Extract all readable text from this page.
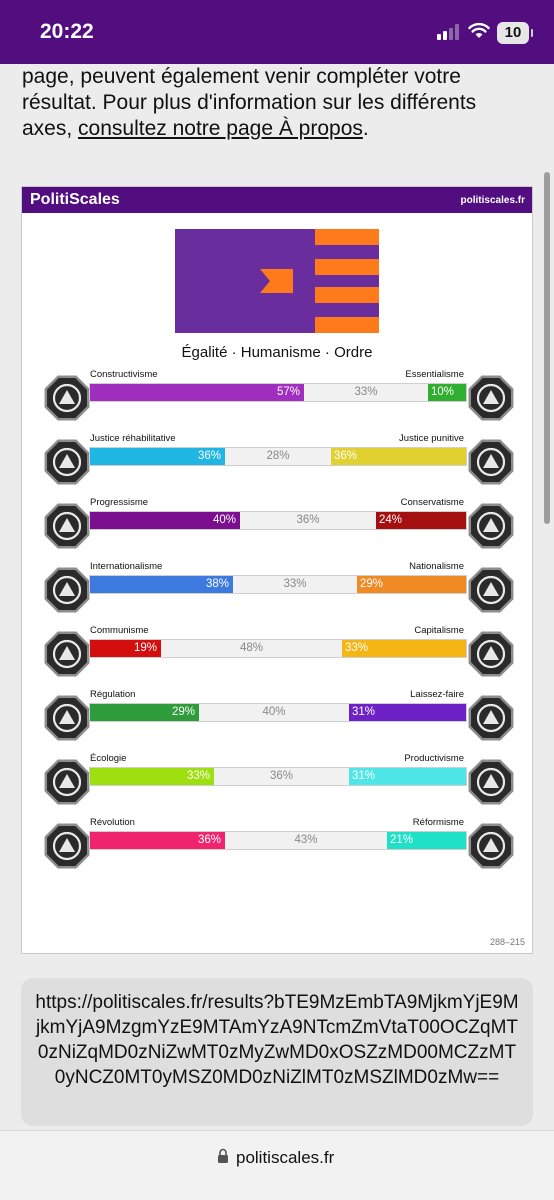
20:22	10
page, peuvent également venir compléter votre résultat. Pour plus d'information sur les différents axes, consultez notre page À propos.
PolitiScales	politiscales.fr
Égalité · Humanisme · Ordre
Constructivisme	Essentialisme
57%	33%	10%
Justice réhabilitative	Justice punitive
36%	28%	36%
Progressisme	Conservatisme
40%	36%	24%
Internationalisme	Nationalisme
38%	33%	29%
Communisme	Capitalisme
19%	48%	33%
Régulation	Laissez-faire
29%	40%	31%
Écologie	Productivisme
33%	36%	31%
Révolution	Réformisme
36%	43%	21%
288–215
https://politiscales.fr/results?bTE9MzEmbTA9MjkmYjE9MjkmYjA9MzgmYzE9MTAmYzA9NTcmZmVtaT00OCZqMT0zNiZqMD0zNiZwMT0zMyZwMD0xOSZzMD00MCZzMT0yNCZ0MT0yMSZ0MD0zNiZlMT0zMSZlMD0zMw==
politiscales.fr
